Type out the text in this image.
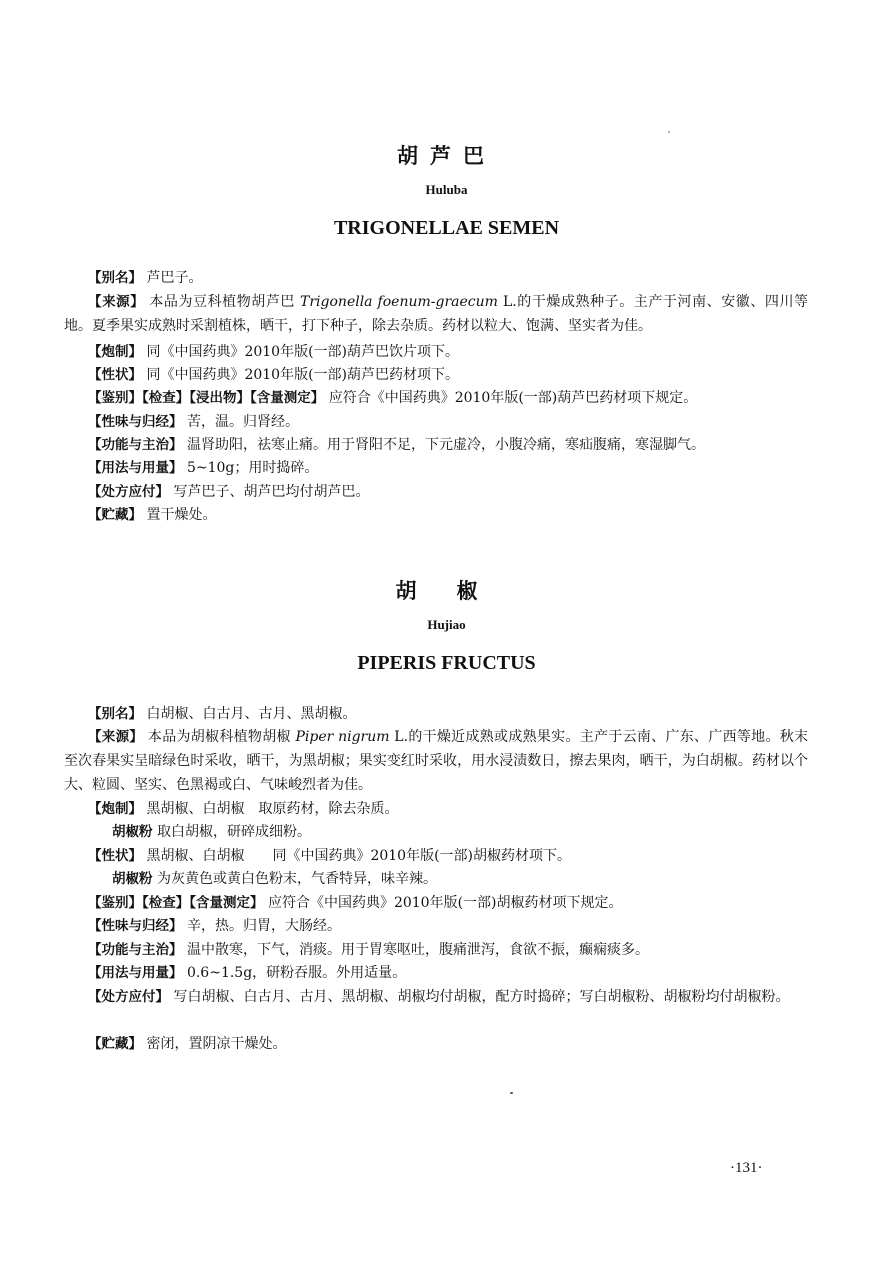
胡芦巴
Huluba
TRIGONELLAE SEMEN

【别名】 芦巴子。

【来源】 本品为豆科植物胡芦巴 Trigonella foenum-graecum L.的干燥成熟种子。主产于河南、安徽、四川等地。夏季果实成熟时采割植株，晒干，打下种子，除去杂质。药材以粒大、饱满、坚实者为佳。

【炮制】 同《中国药典》2010年版(一部)葫芦巴饮片项下。

【性状】 同《中国药典》2010年版(一部)葫芦巴药材项下。

【鉴别】【检查】【浸出物】【含量测定】 应符合《中国药典》2010年版(一部)葫芦巴药材项下规定。

【性味与归经】 苦，温。归肾经。

【功能与主治】 温肾助阳，祛寒止痛。用于肾阳不足，下元虚冷，小腹冷痛，寒疝腹痛，寒湿脚气。

【用法与用量】 5~10g；用时捣碎。

【处方应付】 写芦巴子、胡芦巴均付胡芦巴。

【贮藏】 置干燥处。

胡椒
Hujiao
PIPERIS FRUCTUS

【别名】 白胡椒、白古月、古月、黑胡椒。

【来源】 本品为胡椒科植物胡椒 Piper nigrum L.的干燥近成熟或成熟果实。主产于云南、广东、广西等地。秋末至次春果实呈暗绿色时采收，晒干，为黑胡椒；果实变红时采收，用水浸渍数日，擦去果肉，晒干，为白胡椒。药材以个大、粒圆、坚实、色黑褐或白、气味峻烈者为佳。

【炮制】 黑胡椒、白胡椒　取原药材，除去杂质。

胡椒粉 取白胡椒，研碎成细粉。

【性状】 黑胡椒、白胡椒　　同《中国药典》2010年版(一部)胡椒药材项下。

胡椒粉 为灰黄色或黄白色粉末，气香特异，味辛辣。

【鉴别】【检查】【含量测定】 应符合《中国药典》2010年版(一部)胡椒药材项下规定。

【性味与归经】 辛，热。归胃，大肠经。

【功能与主治】 温中散寒，下气，消痰。用于胃寒呕吐，腹痛泄泻，食欲不振，癫痫痰多。

【用法与用量】 0.6~1.5g，研粉吞服。外用适量。

【处方应付】 写白胡椒、白古月、古月、黑胡椒、胡椒均付胡椒，配方时捣碎；写白胡椒粉、胡椒粉均付胡椒粉。

【贮藏】 密闭，置阴凉干燥处。

·131·
